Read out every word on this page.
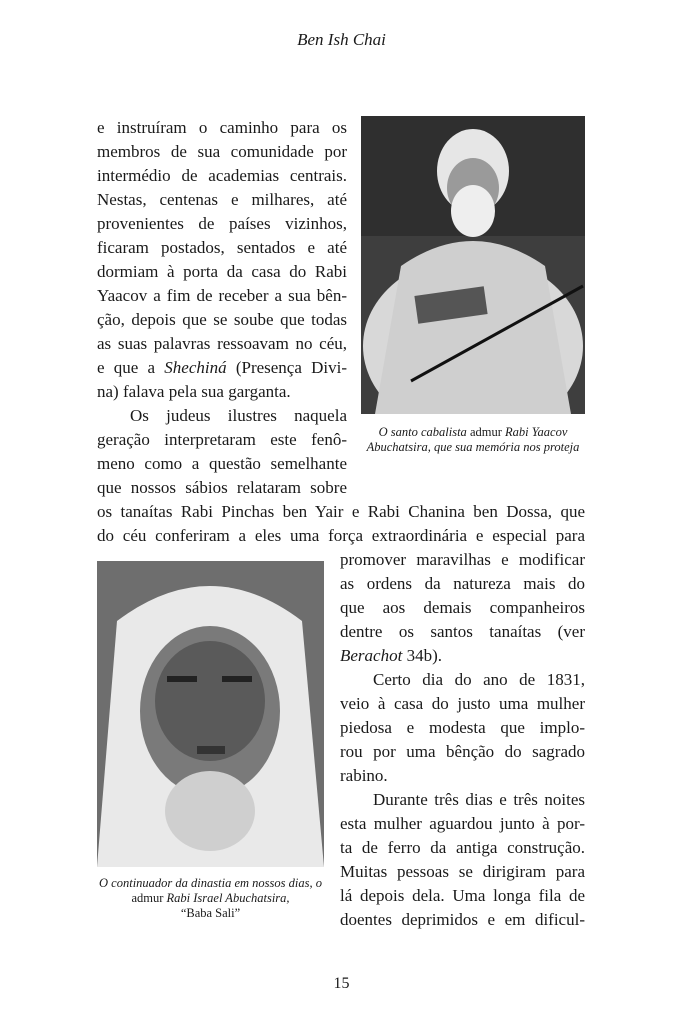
Ben Ish Chai
O santo cabalista admur Rabi Yaacov Abuchatsira, que sua memória nos proteja
O continuador da dinastia em nossos dias, o admur Rabi Israel Abuchatsira,
“Baba Sali”
e instruíram o caminho para os
membros de sua comunidade por
intermédio de academias centrais.
Nestas, centenas e milhares, até
provenientes de países vizinhos,
ficaram postados, sentados e até
dormiam à porta da casa do Rabi
Yaacov a fim de receber a sua bên-
ção, depois que se soube que todas
as suas palavras ressoavam no céu,
e que a Shechiná (Presença Divi-
na) falava pela sua garganta.
Os judeus ilustres naquela
geração interpretaram este fenô-
meno como a questão semelhante
que nossos sábios relataram sobre
os tanaítas Rabi Pinchas ben Yair e Rabi Chanina ben Dossa, que
do céu conferiram a eles uma força extraordinária e especial para
promover maravilhas e modificar
as ordens da natureza mais do
que aos demais companheiros
dentre os santos tanaítas (ver
Berachot 34b).
Certo dia do ano de 1831,
veio à casa do justo uma mulher
piedosa e modesta que implo-
rou por uma bênção do sagrado
rabino.
Durante três dias e três noites
esta mulher aguardou junto à por-
ta de ferro da antiga construção.
Muitas pessoas se dirigiram para
lá depois dela. Uma longa fila de
doentes deprimidos e em dificul-
15
